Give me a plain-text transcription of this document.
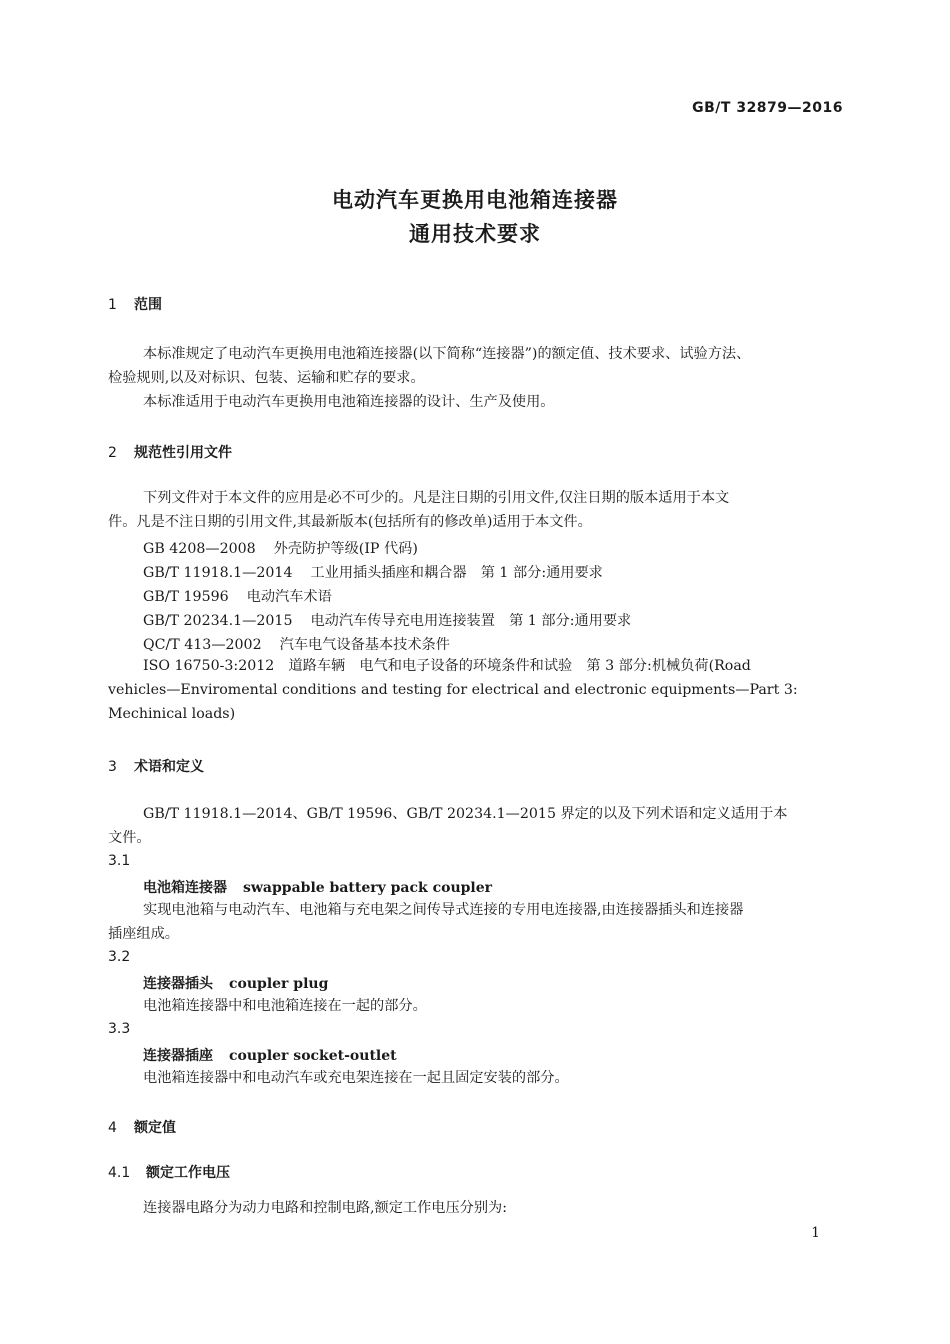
GB/T 32879—2016
电动汽车更换用电池箱连接器
通用技术要求
1 范围
本标准规定了电动汽车更换用电池箱连接器(以下简称“连接器”)的额定值、技术要求、试验方法、
检验规则,以及对标识、包装、运输和贮存的要求。
本标准适用于电动汽车更换用电池箱连接器的设计、生产及使用。
2 规范性引用文件
下列文件对于本文件的应用是必不可少的。凡是注日期的引用文件,仅注日期的版本适用于本文
件。凡是不注日期的引用文件,其最新版本(包括所有的修改单)适用于本文件。
GB 4208—2008 外壳防护等级(IP 代码)
GB/T 11918.1—2014 工业用插头插座和耦合器　第 1 部分:通用要求
GB/T 19596 电动汽车术语
GB/T 20234.1—2015 电动汽车传导充电用连接装置　第 1 部分:通用要求
QC/T 413—2002 汽车电气设备基本技术条件
ISO 16750-3:2012　道路车辆　电气和电子设备的环境条件和试验　第 3 部分:机械负荷(Road
vehicles—Enviromental conditions and testing for electrical and electronic equipments—Part 3:
Mechinical loads)
3 术语和定义
GB/T 11918.1—2014、GB/T 19596、GB/T 20234.1—2015 界定的以及下列术语和定义适用于本
文件。
3.1
电池箱连接器 swappable battery pack coupler
实现电池箱与电动汽车、电池箱与充电架之间传导式连接的专用电连接器,由连接器插头和连接器
插座组成。
3.2
连接器插头 coupler plug
电池箱连接器中和电池箱连接在一起的部分。
3.3
连接器插座 coupler socket-outlet
电池箱连接器中和电动汽车或充电架连接在一起且固定安装的部分。
4 额定值
4.1 额定工作电压
连接器电路分为动力电路和控制电路,额定工作电压分别为:
1
